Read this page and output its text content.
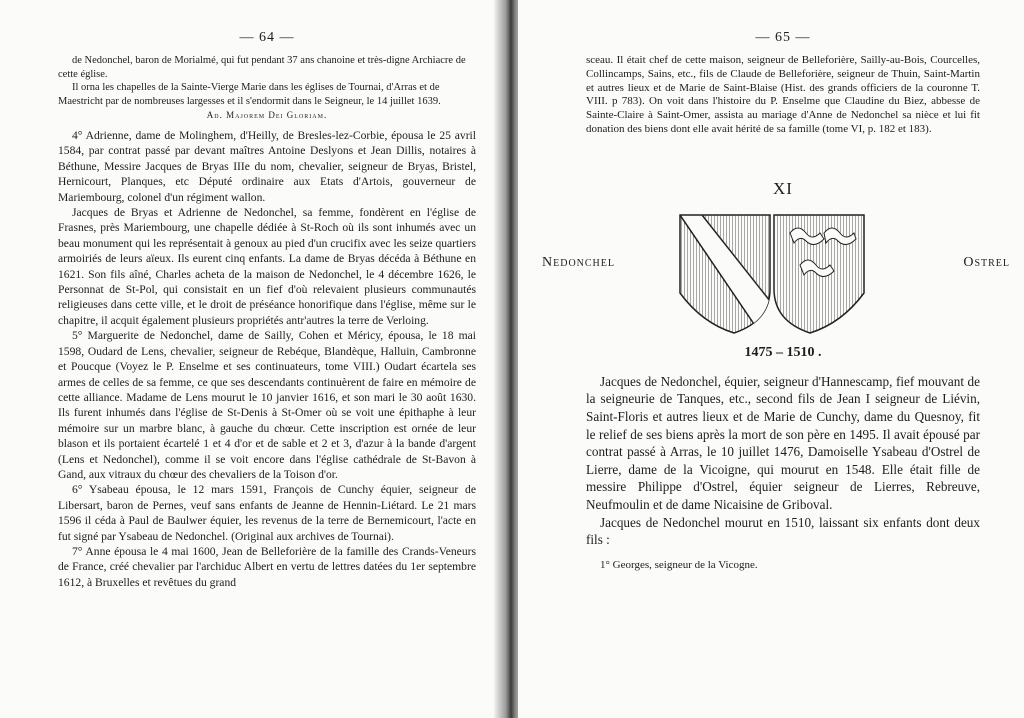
— 64 —

de Nedonchel, baron de Morialmé, qui fut pendant 37 ans chanoine et très-digne Archiacre de cette église.

Il orna les chapelles de la Sainte-Vierge Marie dans les églises de Tournai, d'Arras et de Maestricht par de nombreuses largesses et il s'endormit dans le Seigneur, le 14 juillet 1639.

Ad. Majorem Dei Gloriam.

4° Adrienne, dame de Molinghem, d'Heilly, de Bresles-lez-Corbie, épousa le 25 avril 1584, par contrat passé par devant maîtres Antoine Deslyons et Jean Dillis, notaires à Béthune, Messire Jacques de Bryas IIIe du nom, chevalier, seigneur de Bryas, Bristel, Hernicourt, Planques, etc Député ordinaire aux Etats d'Artois, gouverneur de Mariembourg, colonel d'un régiment wallon.

Jacques de Bryas et Adrienne de Nedonchel, sa femme, fondèrent en l'église de Frasnes, près Mariembourg, une chapelle dédiée à St-Roch où ils sont inhumés avec un beau monument qui les représentait à genoux au pied d'un crucifix avec les seize quartiers armoiriés de leurs aïeux. Ils eurent cinq enfants. La dame de Bryas décéda à Béthune en 1621. Son fils aîné, Charles acheta de la maison de Nedonchel, le 4 décembre 1626, le Personnat de St-Pol, qui consistait en un fief d'où relevaient plusieurs communautés religieuses dans cette ville, et le droit de préséance honorifique dans l'église, même sur le chapitre, il acquit également plusieurs propriétés antr'autres la terre de Verloing.

5° Marguerite de Nedonchel, dame de Sailly, Cohen et Méricy, épousa, le 18 mai 1598, Oudard de Lens, chevalier, seigneur de Rebéque, Blandèque, Halluin, Cambronne et Poucque (Voyez le P. Enselme et ses continuateurs, tome VIII.) Oudart écartela ses armes de celles de sa femme, ce que ses descendants continuèrent de faire en mémoire de cette alliance. Madame de Lens mourut le 10 janvier 1616, et son mari le 30 août 1630. Ils furent inhumés dans l'église de St-Denis à St-Omer où se voit une épithaphe à leur mémoire sur un marbre blanc, à gauche du chœur. Cette inscription est ornée de leur blason et ils portaient écartelé 1 et 4 d'or et de sable et 2 et 3, d'azur à la bande d'argent (Lens et Nedonchel), comme il se voit encore dans l'église cathédrale de St-Bavon à Gand, aux vitraux du chœur des chevaliers de la Toison d'or.

6° Ysabeau épousa, le 12 mars 1591, François de Cunchy équier, seigneur de Libersart, baron de Pernes, veuf sans enfants de Jeanne de Hennin-Liétard. Le 21 mars 1596 il céda à Paul de Baulwer équier, les revenus de la terre de Bernemicourt, l'acte en fut signé par Ysabeau de Nedonchel. (Original aux archives de Tournai).

7° Anne épousa le 4 mai 1600, Jean de Belleforière de la famille des Crands-Veneurs de France, créé chevalier par l'archiduc Albert en vertu de lettres datées du 1er septembre 1612, à Bruxelles et revêtues du grand

— 65 —

sceau. Il était chef de cette maison, seigneur de Belleforière, Sailly-au-Bois, Courcelles, Collincamps, Sains, etc., fils de Claude de Belleforière, seigneur de Thuin, Saint-Martin et autres lieux et de Marie de Saint-Blaise (Hist. des grands officiers de la couronne T. VIII. p 783). On voit dans l'histoire du P. Enselme que Claudine du Biez, abbesse de Sainte-Claire à Saint-Omer, assista au mariage d'Anne de Nedonchel sa nièce et lui fit donation des biens dont elle avait hérité de sa famille (tome VI, p. 182 et 183).

XI
Nedonchel	Ostrel
1475 – 1510 .

Jacques de Nedonchel, équier, seigneur d'Hannescamp, fief mouvant de la seigneurie de Tanques, etc., second fils de Jean I seigneur de Liévin, Saint-Floris et autres lieux et de Marie de Cunchy, dame du Quesnoy, fit le relief de ses biens après la mort de son père en 1495. Il avait épousé par contrat passé à Arras, le 10 juillet 1476, Damoiselle Ysabeau d'Ostrel de Lierre, dame de la Vicoigne, qui mourut en 1548. Elle était fille de messire Philippe d'Ostrel, équier seigneur de Lierres, Rebreuve, Neufmoulin et de dame Nicaisine de Griboval.

Jacques de Nedonchel mourut en 1510, laissant six enfants dont deux fils :

1° Georges, seigneur de la Vicogne.
